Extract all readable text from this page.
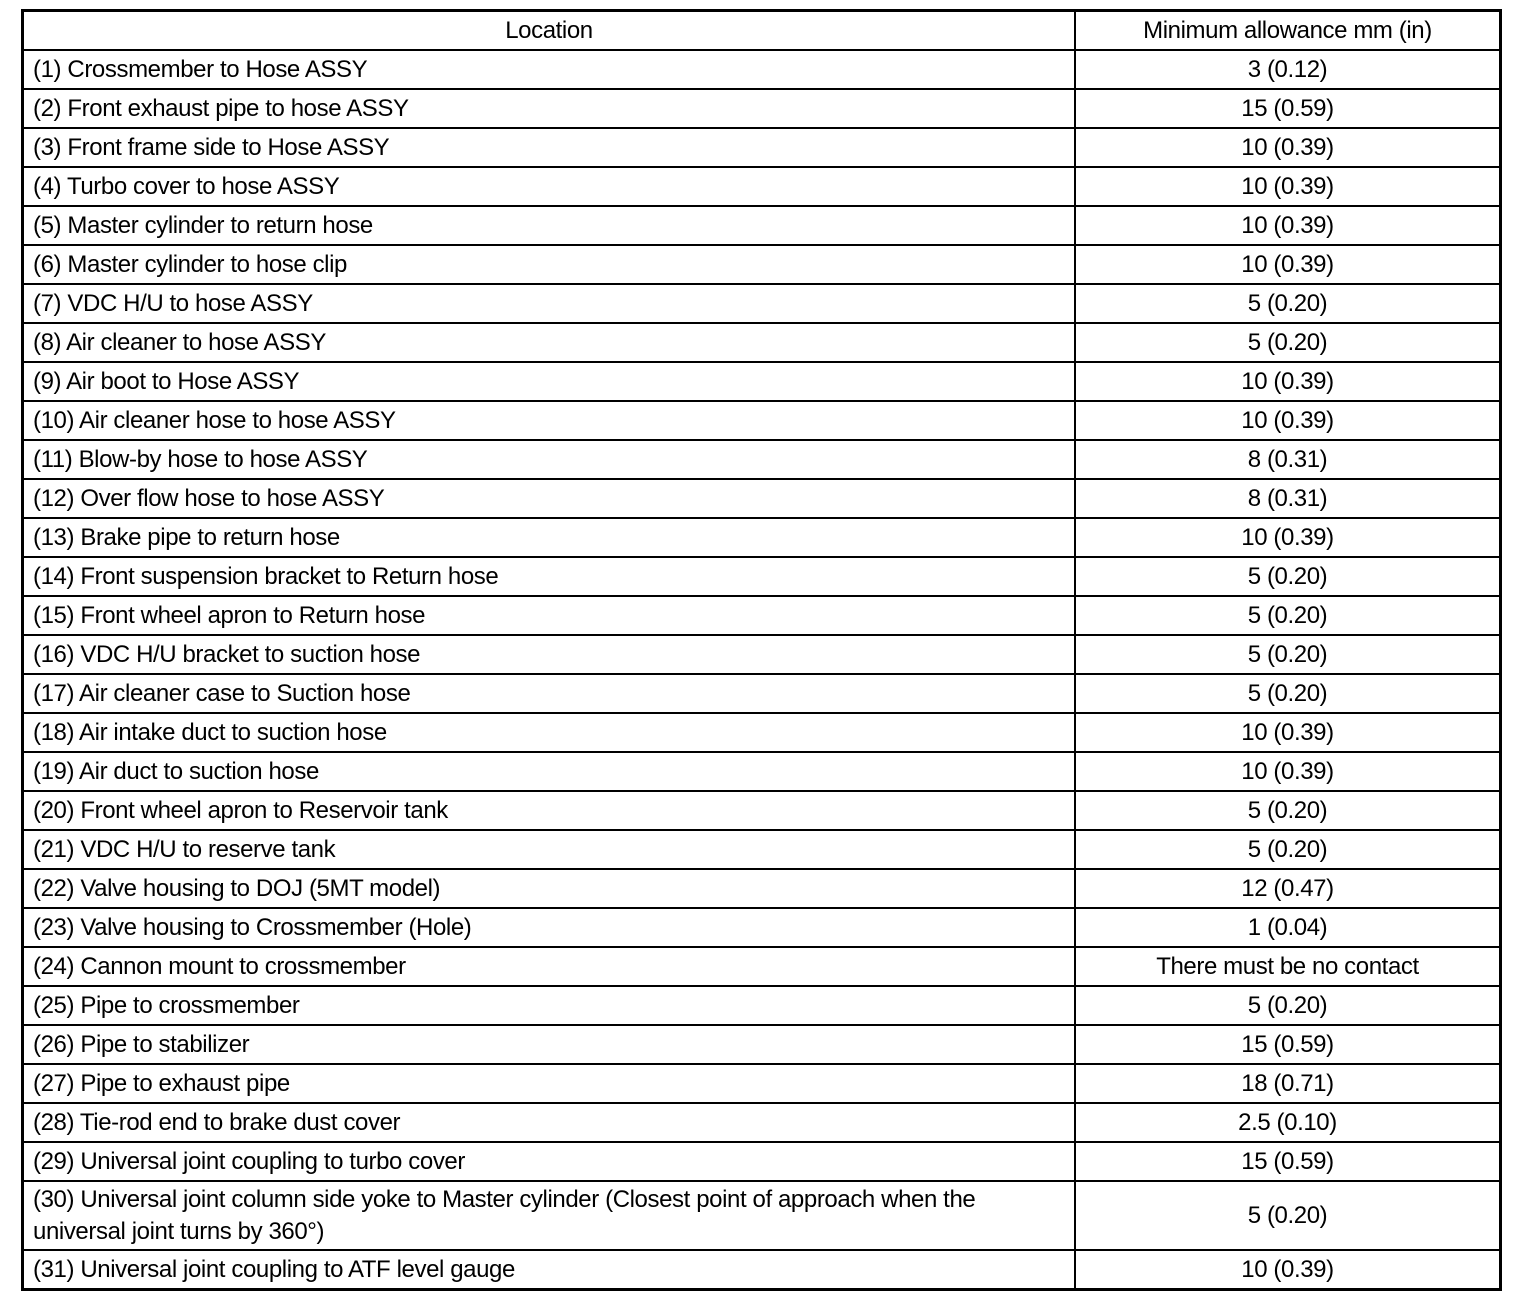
Location	Minimum allowance mm (in)
(1) Crossmember to Hose ASSY	3 (0.12)
(2) Front exhaust pipe to hose ASSY	15 (0.59)
(3) Front frame side to Hose ASSY	10 (0.39)
(4) Turbo cover to hose ASSY	10 (0.39)
(5) Master cylinder to return hose	10 (0.39)
(6) Master cylinder to hose clip	10 (0.39)
(7) VDC H/U to hose ASSY	5 (0.20)
(8) Air cleaner to hose ASSY	5 (0.20)
(9) Air boot to Hose ASSY	10 (0.39)
(10) Air cleaner hose to hose ASSY	10 (0.39)
(11) Blow-by hose to hose ASSY	8 (0.31)
(12) Over flow hose to hose ASSY	8 (0.31)
(13) Brake pipe to return hose	10 (0.39)
(14) Front suspension bracket to Return hose	5 (0.20)
(15) Front wheel apron to Return hose	5 (0.20)
(16) VDC H/U bracket to suction hose	5 (0.20)
(17) Air cleaner case to Suction hose	5 (0.20)
(18) Air intake duct to suction hose	10 (0.39)
(19) Air duct to suction hose	10 (0.39)
(20) Front wheel apron to Reservoir tank	5 (0.20)
(21) VDC H/U to reserve tank	5 (0.20)
(22) Valve housing to DOJ (5MT model)	12 (0.47)
(23) Valve housing to Crossmember (Hole)	1 (0.04)
(24) Cannon mount to crossmember	There must be no contact
(25) Pipe to crossmember	5 (0.20)
(26) Pipe to stabilizer	15 (0.59)
(27) Pipe to exhaust pipe	18 (0.71)
(28) Tie-rod end to brake dust cover	2.5 (0.10)
(29) Universal joint coupling to turbo cover	15 (0.59)
(30) Universal joint column side yoke to Master cylinder (Closest point of approach when the universal joint turns by 360°)	5 (0.20)
(31) Universal joint coupling to ATF level gauge	10 (0.39)
